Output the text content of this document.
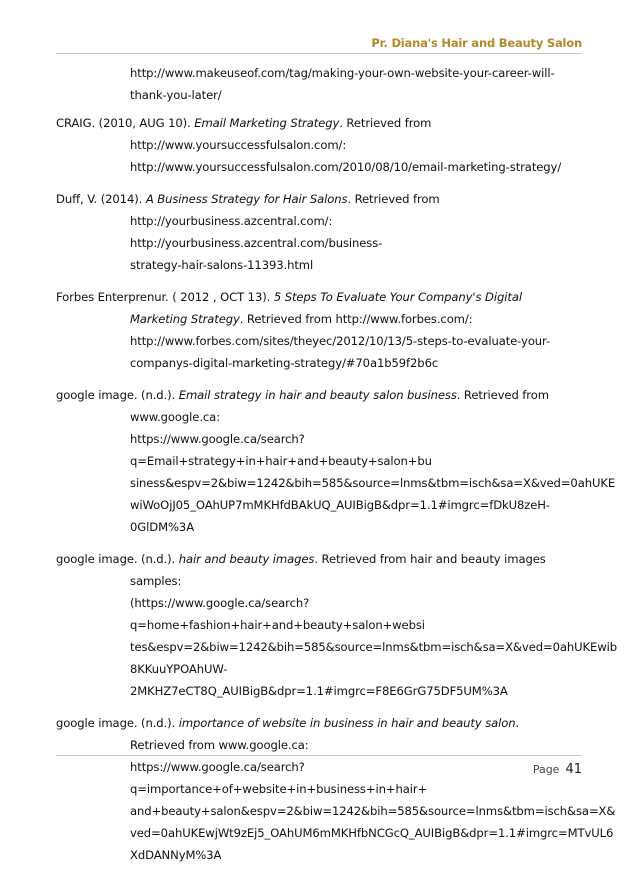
Pr. Diana's Hair and Beauty Salon
http://www.makeuseof.com/tag/making-your-own-website-your-career-will-
thank-you-later/
CRAIG. (2010, AUG 10). Email Marketing Strategy. Retrieved from
http://www.yoursuccessfulsalon.com/:
http://www.yoursuccessfulsalon.com/2010/08/10/email-marketing-strategy/
Duff, V. (2014). A Business Strategy for Hair Salons. Retrieved from
http://yourbusiness.azcentral.com/: http://yourbusiness.azcentral.com/business-
strategy-hair-salons-11393.html
Forbes Enterprenur. ( 2012 , OCT 13). 5 Steps To Evaluate Your Company's Digital
Marketing Strategy. Retrieved from http://www.forbes.com/:
http://www.forbes.com/sites/theyec/2012/10/13/5-steps-to-evaluate-your-
companys-digital-marketing-strategy/#70a1b59f2b6c
google image. (n.d.). Email strategy in hair and beauty salon business. Retrieved from
www.google.ca:
https://www.google.ca/search?q=Email+strategy+in+hair+and+beauty+salon+bu
siness&espv=2&biw=1242&bih=585&source=lnms&tbm=isch&sa=X&ved=0ahUKE
wiWoOjJ05_OAhUP7mMKHfdBAkUQ_AUIBigB&dpr=1.1#imgrc=fDkU8zeH-
0GlDM%3A
google image. (n.d.). hair and beauty images. Retrieved from hair and beauty images
samples:
(https://www.google.ca/search?q=home+fashion+hair+and+beauty+salon+websi
tes&espv=2&biw=1242&bih=585&source=lnms&tbm=isch&sa=X&ved=0ahUKEwib
8KKuuYPOAhUW-2MKHZ7eCT8Q_AUIBigB&dpr=1.1#imgrc=F8E6GrG75DF5UM%3A
google image. (n.d.). importance of website in business in hair and beauty salon.
Retrieved from www.google.ca:
https://www.google.ca/search?q=importance+of+website+in+business+in+hair+
and+beauty+salon&espv=2&biw=1242&bih=585&source=lnms&tbm=isch&sa=X&
ved=0ahUKEwjWt9zEj5_OAhUM6mMKHfbNCGcQ_AUIBigB&dpr=1.1#imgrc=MTvUL6
XdDANNyM%3A
Page 41
